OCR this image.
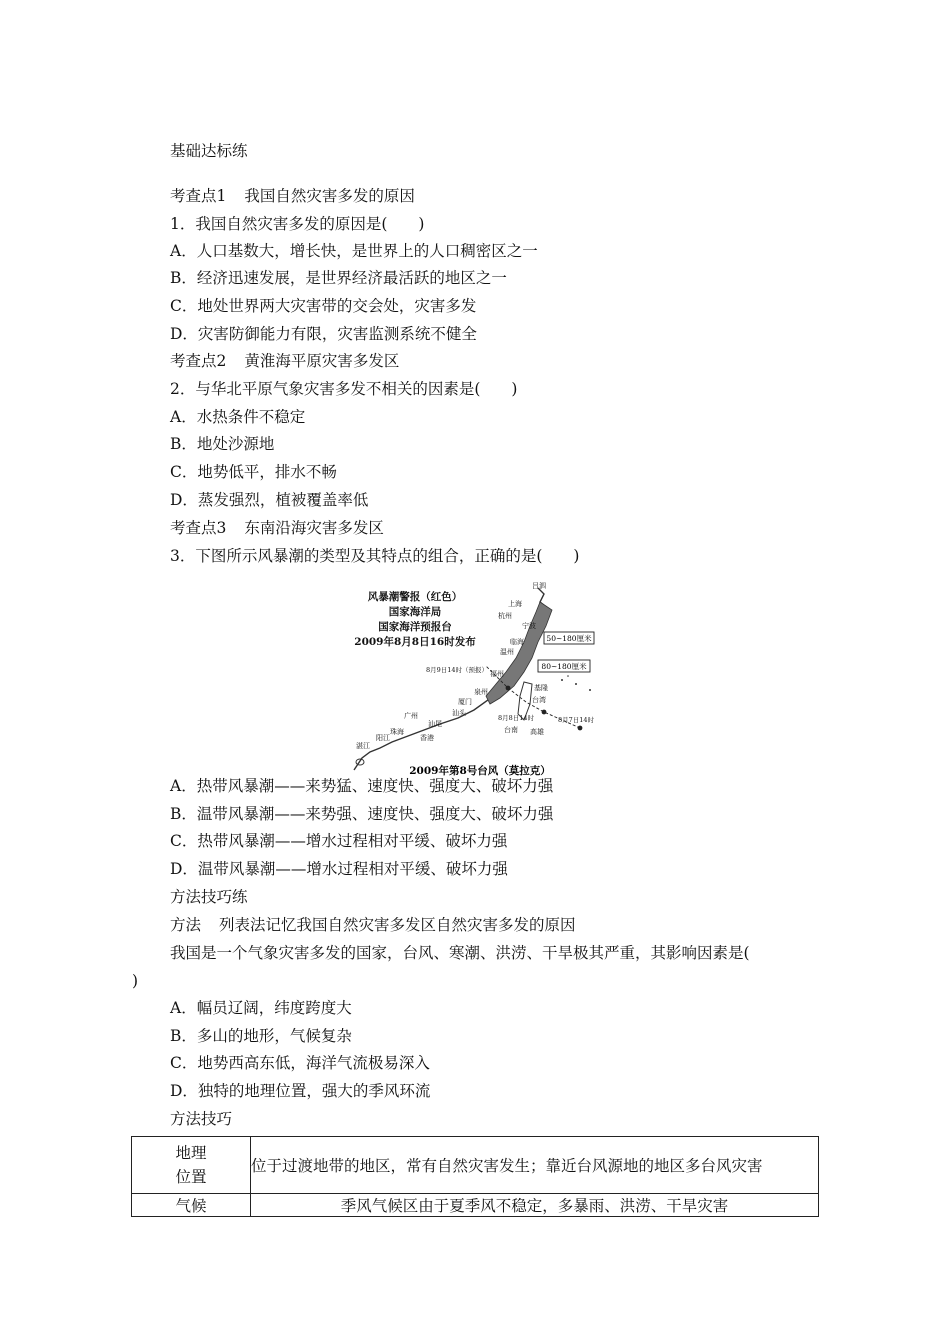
基础达标练
考查点1 我国自然灾害多发的原因
1．我国自然灾害多发的原因是(　　)
A．人口基数大，增长快，是世界上的人口稠密区之一
B．经济迅速发展，是世界经济最活跃的地区之一
C．地处世界两大灾害带的交会处，灾害多发
D．灾害防御能力有限，灾害监测系统不健全
考查点2 黄淮海平原灾害多发区
2．与华北平原气象灾害多发不相关的因素是(　　)
A．水热条件不稳定
B．地处沙源地
C．地势低平，排水不畅
D．蒸发强烈，植被覆盖率低
考查点3 东南沿海灾害多发区
3．下图所示风暴潮的类型及其特点的组合，正确的是(　　)
风暴潮警报（红色）
国家海洋局
国家海洋预报台
2009年8月8日16时发布	50~180厘米
80~180厘米
吕泗
上海
杭州
宁波
临海
温州
福州
泉州
厦门
汕头
汕尾
广州
珠海
阳江
湛江
香港
台湾
基隆
台南 高雄
8月9日14时（预报）
8月8日14时	8月7日14时
2009年第8号台风（莫拉克）
A．热带风暴潮——来势猛、速度快、强度大、破坏力强
B．温带风暴潮——来势强、速度快、强度大、破坏力强
C．热带风暴潮——增水过程相对平缓、破坏力强
D．温带风暴潮——增水过程相对平缓、破坏力强
方法技巧练
方法 列表法记忆我国自然灾害多发区自然灾害多发的原因
我国是一个气象灾害多发的国家，台风、寒潮、洪涝、干旱极其严重，其影响因素是(
)
A．幅员辽阔，纬度跨度大
B．多山的地形，气候复杂
C．地势西高东低，海洋气流极易深入
D．独特的地理位置，强大的季风环流
方法技巧
地理
位置	位于过渡地带的地区，常有自然灾害发生；靠近台风源地的地区多台风灾害
气候	季风气候区由于夏季风不稳定，多暴雨、洪涝、干旱灾害
